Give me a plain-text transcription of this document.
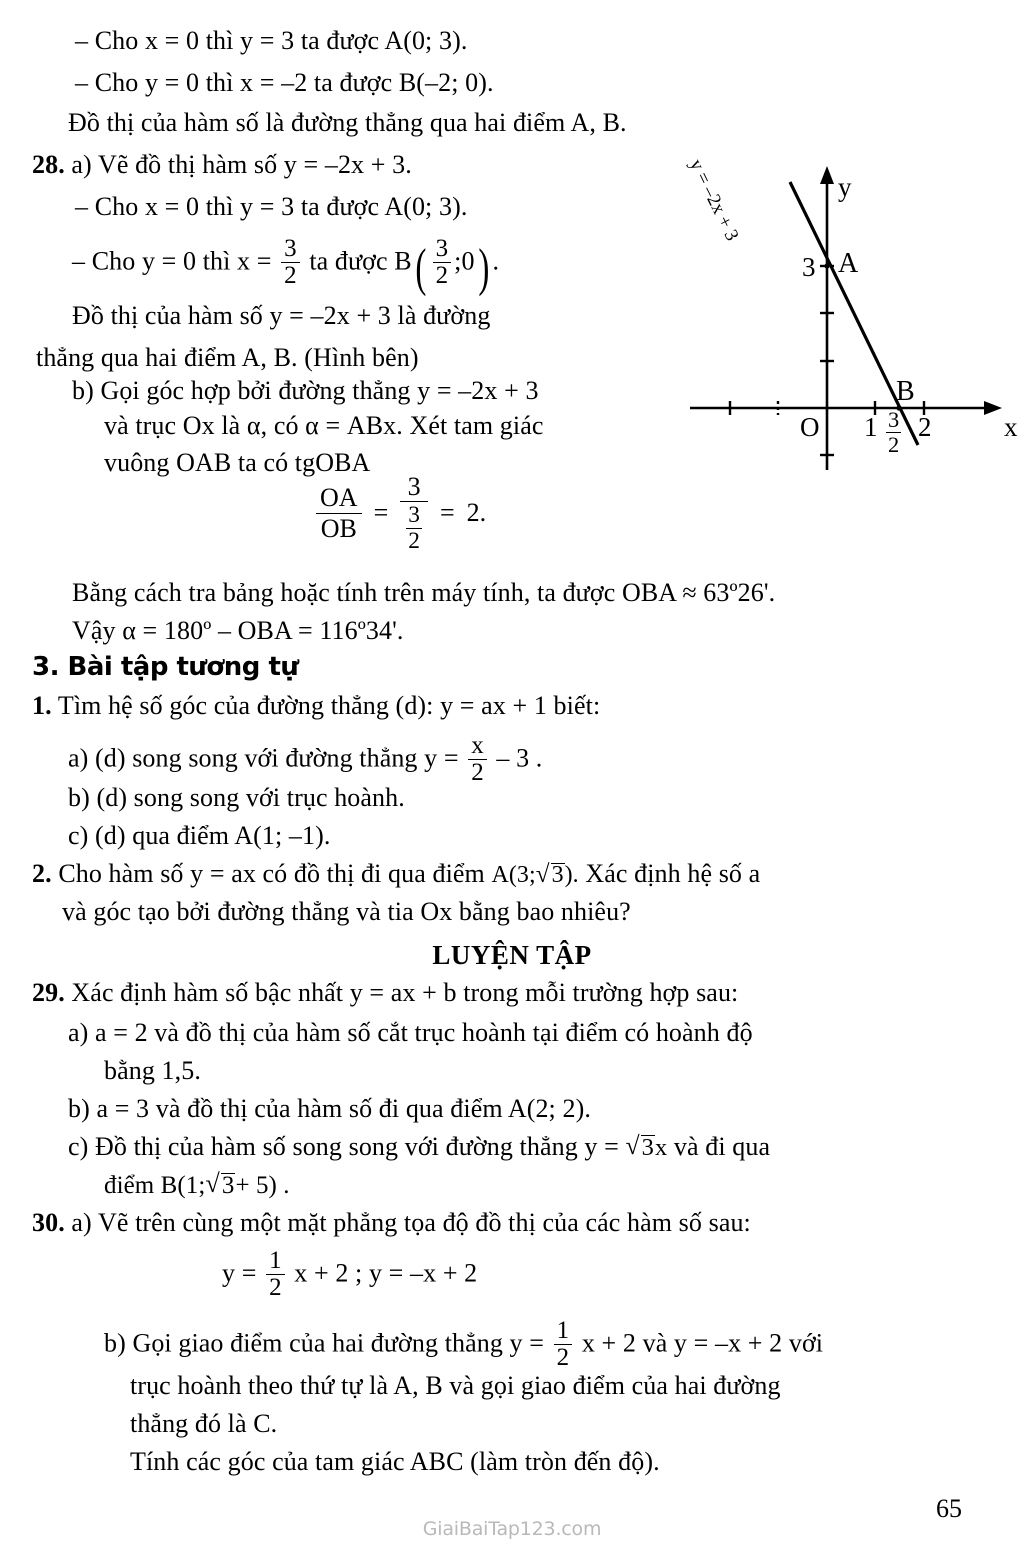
– Cho x = 0 thì y = 3 ta được A(0; 3).
– Cho y = 0 thì x = –2 ta được B(–2; 0).
Đồ thị của hàm số là đường thẳng qua hai điểm A, B.
28. a) Vẽ đồ thị hàm số y = –2x + 3.
– Cho x = 0 thì y = 3 ta được A(0; 3).
– Cho y = 0 thì $x = \frac{3}{2}$ ta được $B( \frac{3}{2}$ ;0) .
Đồ thị của hàm số y = –2x + 3 là đường
thẳng qua hai điểm A, B. (Hình bên)
b) Gọi góc hợp bởi đường thẳng y = –2x + 3
và trục Ox là α, có α = ABx. Xét tam giác
vuông OAB ta có tgOBA
OA
OB
=
3
$\frac{3}{2} = 2$.
Bằng cách tra bảng hoặc tính trên máy tính, ta được OBA ≈ 63º26'.
Vậy α = 180º – OBA = 116º34'.
y = –2x + 3	y
x
A
B
3
O 1 2
$\frac{3}{2}$
3. Bài tập tương tự
1. Tìm hệ số góc của đường thẳng (d): y = ax + 1 biết:
a) (d) song song với đường thẳng $y = \frac{x}{2} - 3$ .
b) (d) song song với trục hoành.
c) (d) qua điểm A(1; –1).
2. Cho hàm số y = ax có đồ thị đi qua điểm A(3; √ 3). Xác định hệ số a
và góc tạo bởi đường thẳng và tia Ox bằng bao nhiêu?
LUYỆN TẬP
29. Xác định hàm số bậc nhất y = ax + b trong mỗi trường hợp sau:
a) a = 2 và đồ thị của hàm số cắt trục hoành tại điểm có hoành độ
bằng 1,5.
b) a = 3 và đồ thị của hàm số đi qua điểm A(2; 2).
c) Đồ thị của hàm số song song với đường thẳng y = √ 3x và đi qua
điểm B(1; √ 3+ 5) .
30. a) Vẽ trên cùng một mặt phẳng tọa độ đồ thị của các hàm số sau:
$y = \frac{1}{2}$ x + 2 ; y = –x + 2
b) Gọi giao điểm của hai đường thẳng $y = \frac{1}{2}$ x + 2 và y = –x + 2 với
trục hoành theo thứ tự là A, B và gọi giao điểm của hai đường
thẳng đó là C.
Tính các góc của tam giác ABC (làm tròn đến độ).
65
GiaiBaiTap123.com
